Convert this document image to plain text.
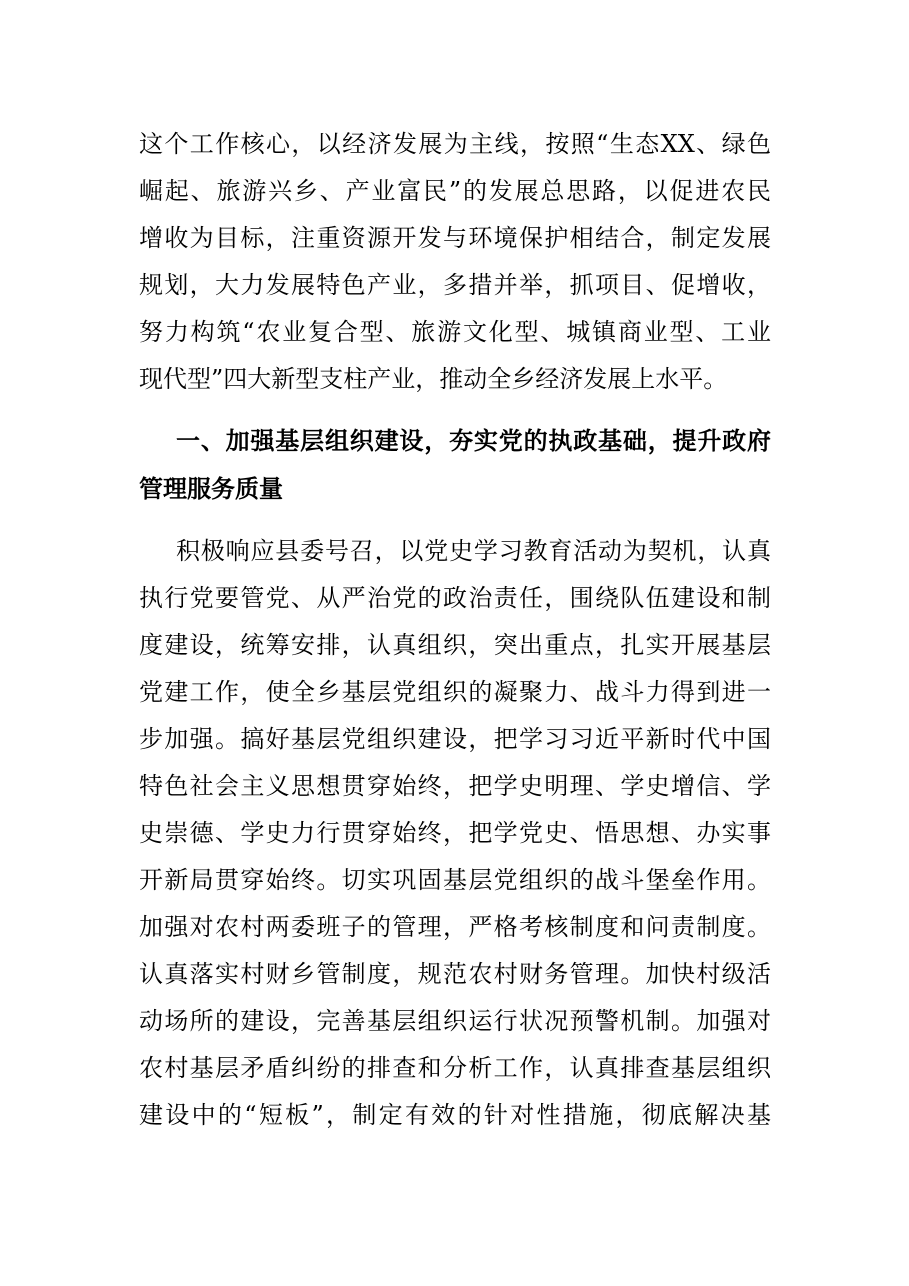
这个工作核心，以经济发展为主线，按照“生态XX、绿色
崛起、旅游兴乡、产业富民”的发展总思路，以促进农民
增收为目标，注重资源开发与环境保护相结合，制定发展
规划，大力发展特色产业，多措并举，抓项目、促增收，
努力构筑“农业复合型、旅游文化型、城镇商业型、工业
现代型”四大新型支柱产业，推动全乡经济发展上水平。
一、加强基层组织建设，夯实党的执政基础，提升政府
管理服务质量
积极响应县委号召，以党史学习教育活动为契机，认真
执行党要管党、从严治党的政治责任，围绕队伍建设和制
度建设，统筹安排，认真组织，突出重点，扎实开展基层
党建工作，使全乡基层党组织的凝聚力、战斗力得到进一
步加强。搞好基层党组织建设，把学习习近平新时代中国
特色社会主义思想贯穿始终，把学史明理、学史增信、学
史崇德、学史力行贯穿始终，把学党史、悟思想、办实事
开新局贯穿始终。切实巩固基层党组织的战斗堡垒作用。
加强对农村两委班子的管理，严格考核制度和问责制度。
认真落实村财乡管制度，规范农村财务管理。加快村级活
动场所的建设，完善基层组织运行状况预警机制。加强对
农村基层矛盾纠纷的排查和分析工作，认真排查基层组织
建设中的“短板”，制定有效的针对性措施，彻底解决基
